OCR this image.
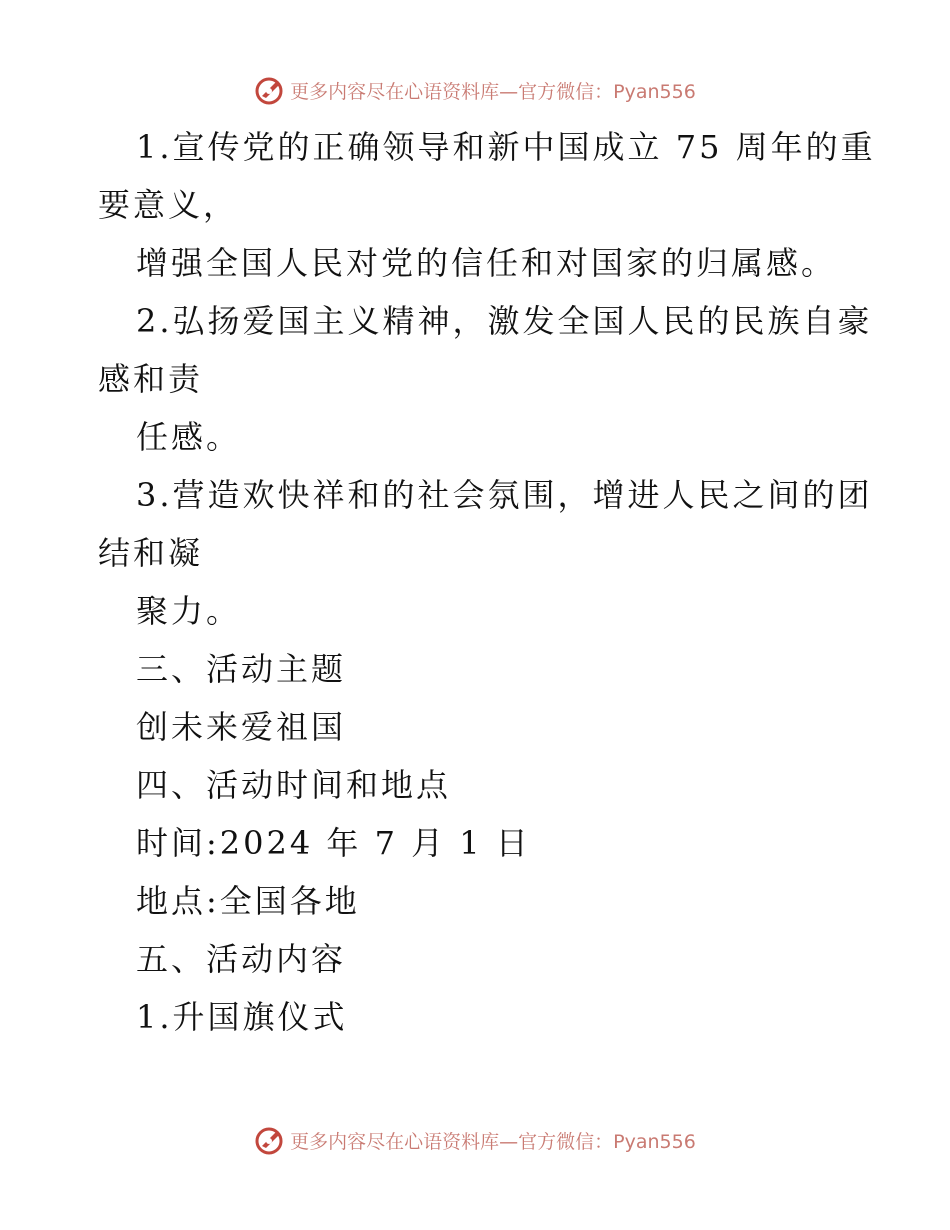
更多内容尽在心语资料库—官方微信：Pyan556

1.宣传党的正确领导和新中国成立 75 周年的重

要意义，

增强全国人民对党的信任和对国家的归属感。

2.弘扬爱国主义精神，激发全国人民的民族自豪

感和责

任感。

3.营造欢快祥和的社会氛围，增进人民之间的团

结和凝

聚力。

三、活动主题

创未来爱祖国

四、活动时间和地点

时间:2024 年 7 月 1 日

地点:全国各地

五、活动内容

1.升国旗仪式

更多内容尽在心语资料库—官方微信：Pyan556
